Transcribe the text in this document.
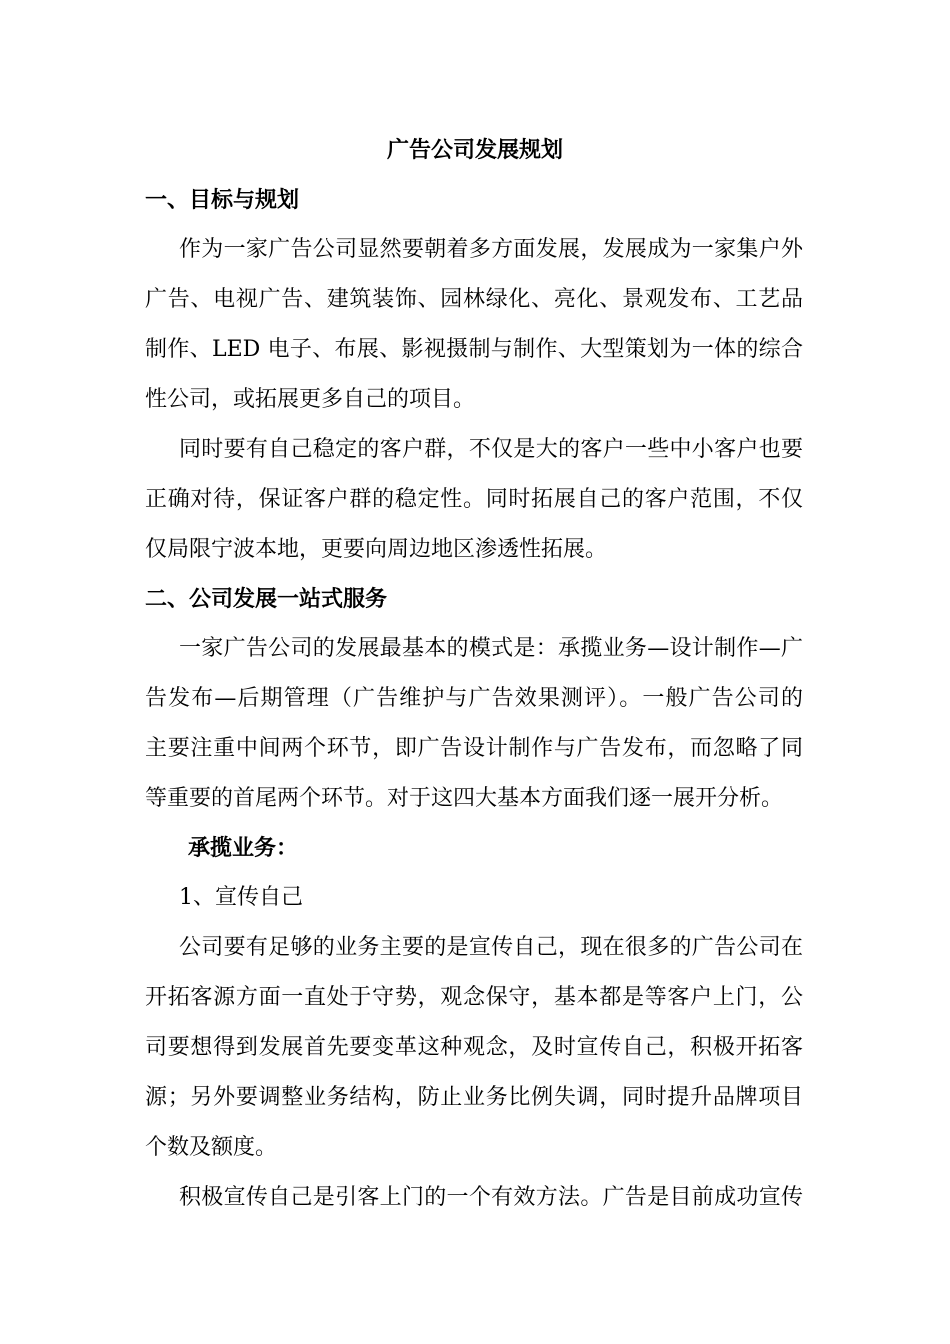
广告公司发展规划
一、目标与规划
作为一家广告公司显然要朝着多方面发展，发展成为一家集户外
广告、电视广告、建筑装饰、园林绿化、亮化、景观发布、工艺品
制作、LED 电子、布展、影视摄制与制作、大型策划为一体的综合
性公司，或拓展更多自己的项目。
同时要有自己稳定的客户群，不仅是大的客户一些中小客户也要
正确对待，保证客户群的稳定性。同时拓展自己的客户范围，不仅
仅局限宁波本地，更要向周边地区渗透性拓展。
二、公司发展一站式服务
一家广告公司的发展最基本的模式是：承揽业务—设计制作—广
告发布—后期管理（广告维护与广告效果测评）。一般广告公司的
主要注重中间两个环节，即广告设计制作与广告发布，而忽略了同
等重要的首尾两个环节。对于这四大基本方面我们逐一展开分析。
承揽业务：
1、宣传自己
公司要有足够的业务主要的是宣传自己，现在很多的广告公司在
开拓客源方面一直处于守势，观念保守，基本都是等客户上门，公
司要想得到发展首先要变革这种观念，及时宣传自己，积极开拓客
源；另外要调整业务结构，防止业务比例失调，同时提升品牌项目
个数及额度。
积极宣传自己是引客上门的一个有效方法。广告是目前成功宣传
